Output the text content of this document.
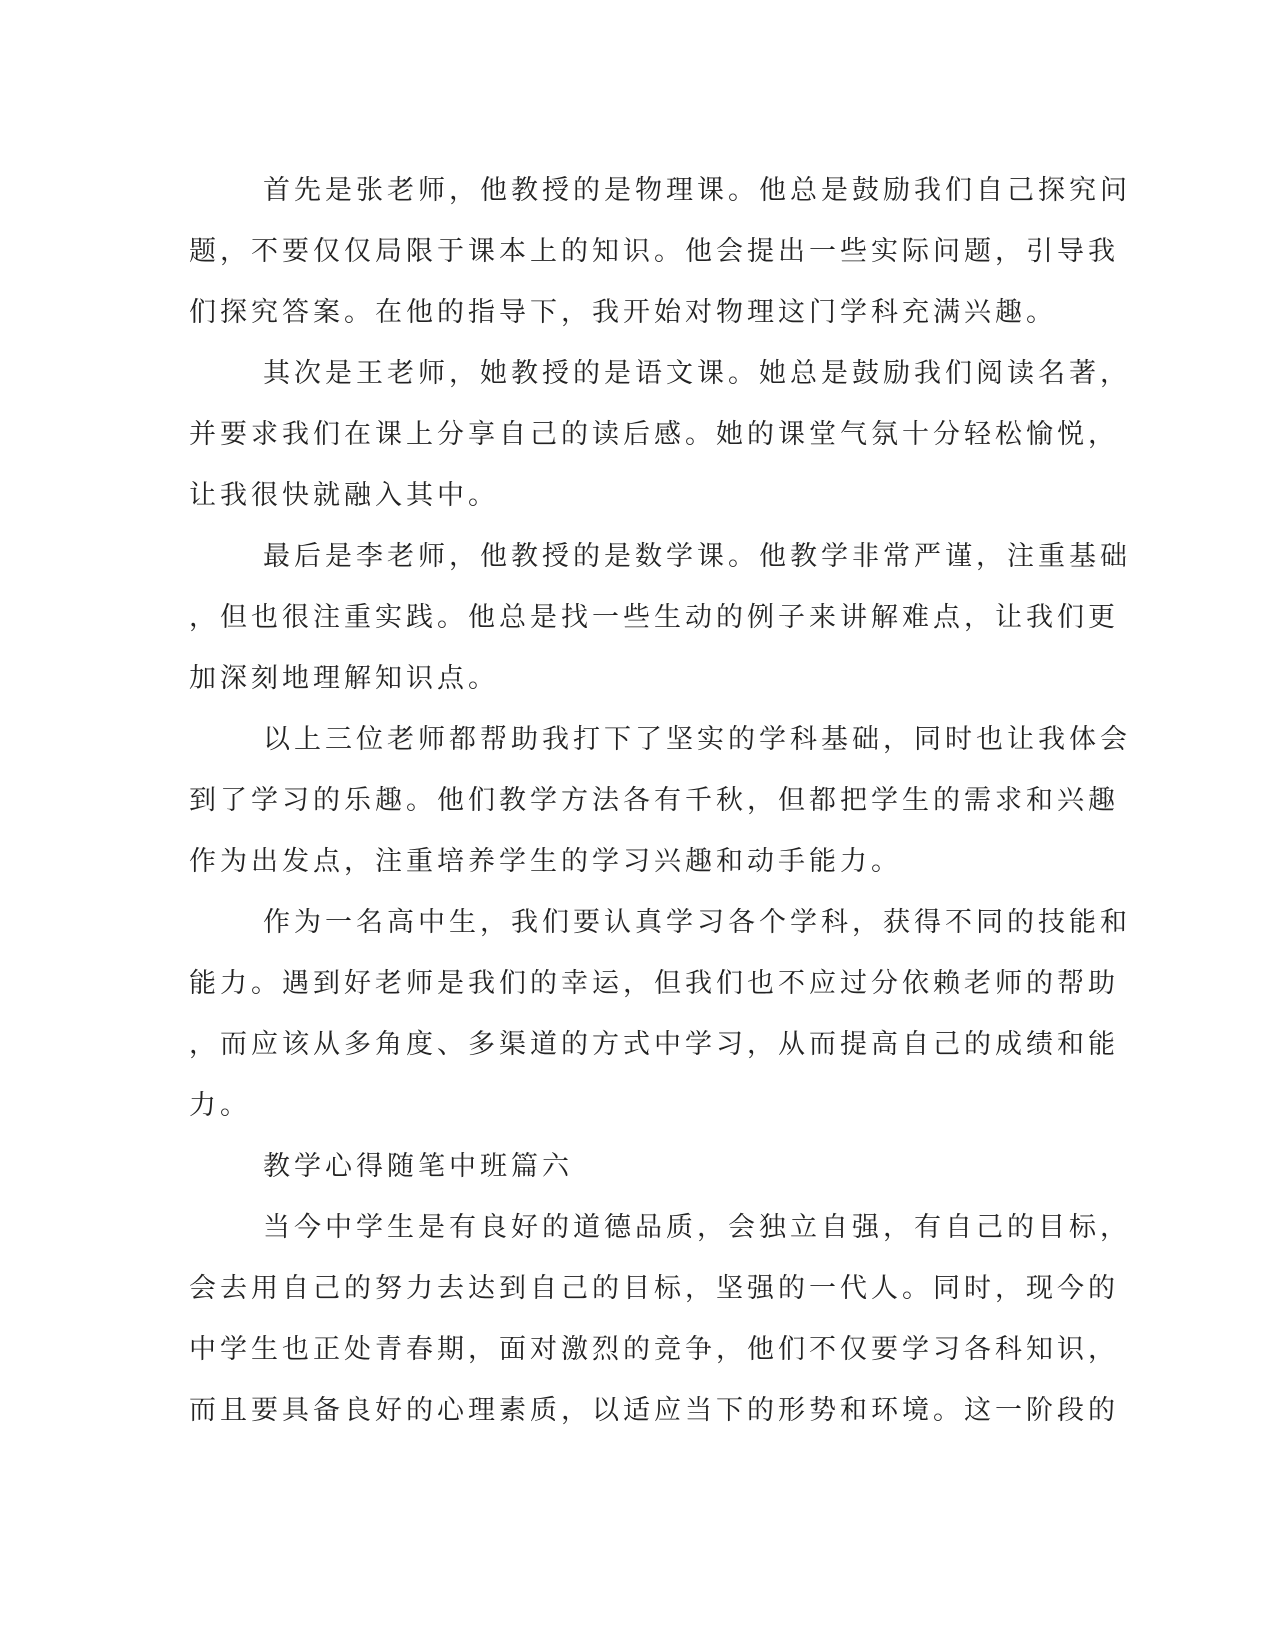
首先是张老师，他教授的是物理课。他总是鼓励我们自己探究问
题，不要仅仅局限于课本上的知识。他会提出一些实际问题，引导我
们探究答案。在他的指导下，我开始对物理这门学科充满兴趣。

其次是王老师，她教授的是语文课。她总是鼓励我们阅读名著，
并要求我们在课上分享自己的读后感。她的课堂气氛十分轻松愉悦，
让我很快就融入其中。

最后是李老师，他教授的是数学课。他教学非常严谨，注重基础
，但也很注重实践。他总是找一些生动的例子来讲解难点，让我们更
加深刻地理解知识点。

以上三位老师都帮助我打下了坚实的学科基础，同时也让我体会
到了学习的乐趣。他们教学方法各有千秋，但都把学生的需求和兴趣
作为出发点，注重培养学生的学习兴趣和动手能力。

作为一名高中生，我们要认真学习各个学科，获得不同的技能和
能力。遇到好老师是我们的幸运，但我们也不应过分依赖老师的帮助
，而应该从多角度、多渠道的方式中学习，从而提高自己的成绩和能
力。

教学心得随笔中班篇六

当今中学生是有良好的道德品质，会独立自强，有自己的目标，
会去用自己的努力去达到自己的目标，坚强的一代人。同时，现今的
中学生也正处青春期，面对激烈的竞争，他们不仅要学习各科知识，
而且要具备良好的心理素质，以适应当下的形势和环境。这一阶段的
